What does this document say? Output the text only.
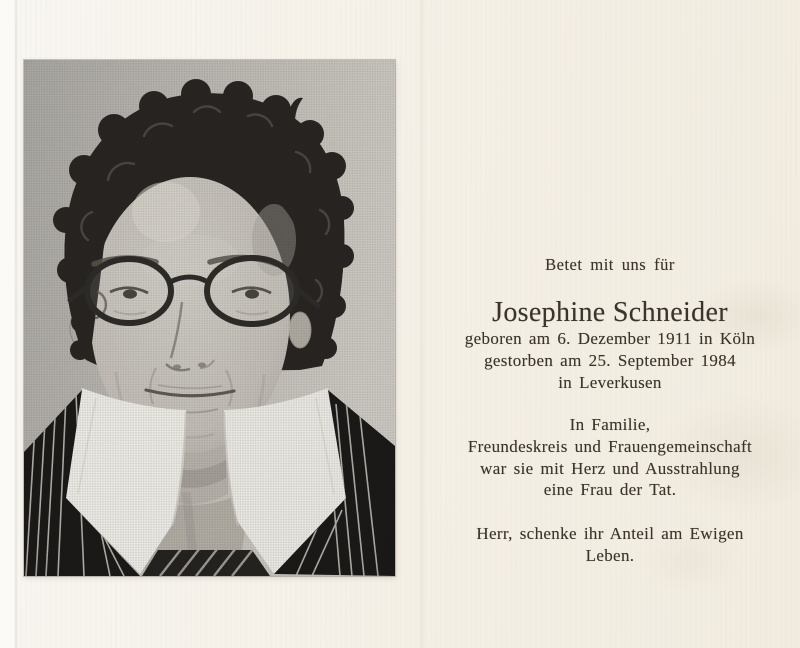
Betet mit uns für

Josephine Schneider

geboren am 6. Dezember 1911 in Köln

gestorben am 25. September 1984

in Leverkusen

In Familie,

Freundeskreis und Frauengemeinschaft

war sie mit Herz und Ausstrahlung

eine Frau der Tat.

Herr, schenke ihr Anteil am Ewigen

Leben.
